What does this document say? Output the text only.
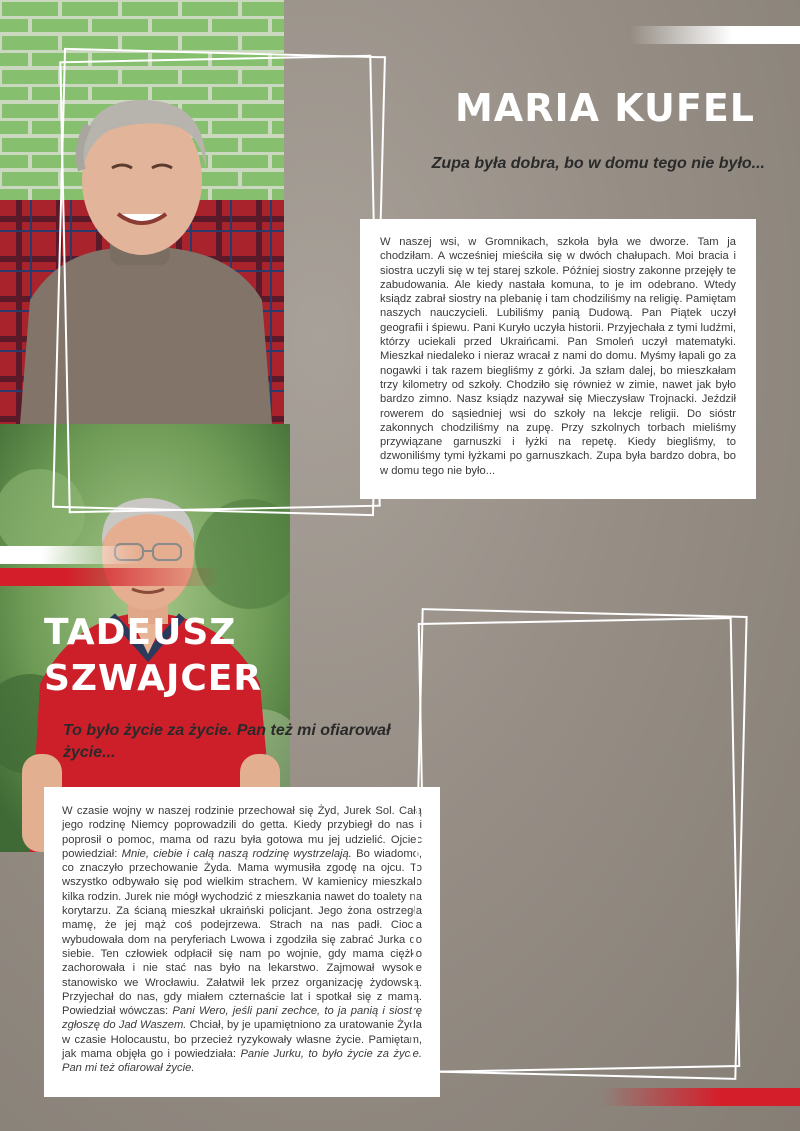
MARIA KUFEL
Zupa była dobra, bo w domu tego nie było...
W naszej wsi, w Gromnikach, szkoła była we dworze. Tam ja chodziłam. A wcześniej mieściła się w dwóch chałupach. Moi bracia i siostra uczyli się w tej starej szkole. Później siostry zakonne przejęły te zabudowania. Ale kiedy nastała komuna, to je im odebrano. Wtedy ksiądz zabrał siostry na plebanię i tam chodziliśmy na religię. Pamiętam naszych nauczycieli. Lubiliśmy panią Dudową. Pan Piątek uczył geografii i śpiewu. Pani Kuryło uczyła historii. Przyjechała z tymi ludźmi, którzy uciekali przed Ukraińcami. Pan Smoleń uczył matematyki. Mieszkał niedaleko i nieraz wracał z nami do domu. Myśmy łapali go za nogawki i tak razem biegliśmy z górki. Ja szłam dalej, bo mieszkałam trzy kilometry od szkoły. Chodziło się również w zimie, nawet jak było bardzo zimno. Nasz ksiądz nazywał się Mieczysław Trojnacki. Jeździł rowerem do sąsiedniej wsi do szkoły na lekcje religii. Do sióstr zakonnych chodziliśmy na zupę. Przy szkolnych torbach mieliśmy przywiązane garnuszki i łyżki na repetę. Kiedy biegliśmy, to dzwoniliśmy tymi łyżkami po garnuszkach. Zupa była bardzo dobra, bo w domu tego nie było...
TADEUSZ
SZWAJCER
To było życie za życie. Pan też mi ofiarował życie...
W czasie wojny w naszej rodzinie przechował się Żyd, Jurek Sol. Całą jego rodzinę Niemcy poprowadzili do getta. Kiedy przybiegł do nas i poprosił o pomoc, mama od razu była gotowa mu jej udzielić. Ojciec powiedział: Mnie, ciebie i całą naszą rodzinę wystrzelają. Bo wiadomo, co znaczyło przechowanie Żyda. Mama wymusiła zgodę na ojcu. To wszystko odbywało się pod wielkim strachem. W kamienicy mieszkało kilka rodzin. Jurek nie mógł wychodzić z mieszkania nawet do toalety na korytarzu. Za ścianą mieszkał ukraiński policjant. Jego żona ostrzegła mamę, że jej mąż coś podejrzewa. Strach na nas padł. Ciocia wybudowała dom na peryferiach Lwowa i zgodziła się zabrać Jurka do siebie. Ten człowiek odpłacił się nam po wojnie, gdy mama ciężko zachorowała i nie stać nas było na lekarstwo. Zajmował wysokie stanowisko we Wrocławiu. Załatwił lek przez organizację żydowską. Przyjechał do nas, gdy miałem czternaście lat i spotkał się z mamą. Powiedział wówczas: Pani Wero, jeśli pani zechce, to ja panią i siostrę zgłoszę do Jad Waszem. Chciał, by je upamiętniono za uratowanie Żyda w czasie Holocaustu, bo przecież ryzykowały własne życie. Pamiętam, jak mama objęła go i powiedziała: Panie Jurku, to było życie za życie. Pan mi też ofiarował życie.
